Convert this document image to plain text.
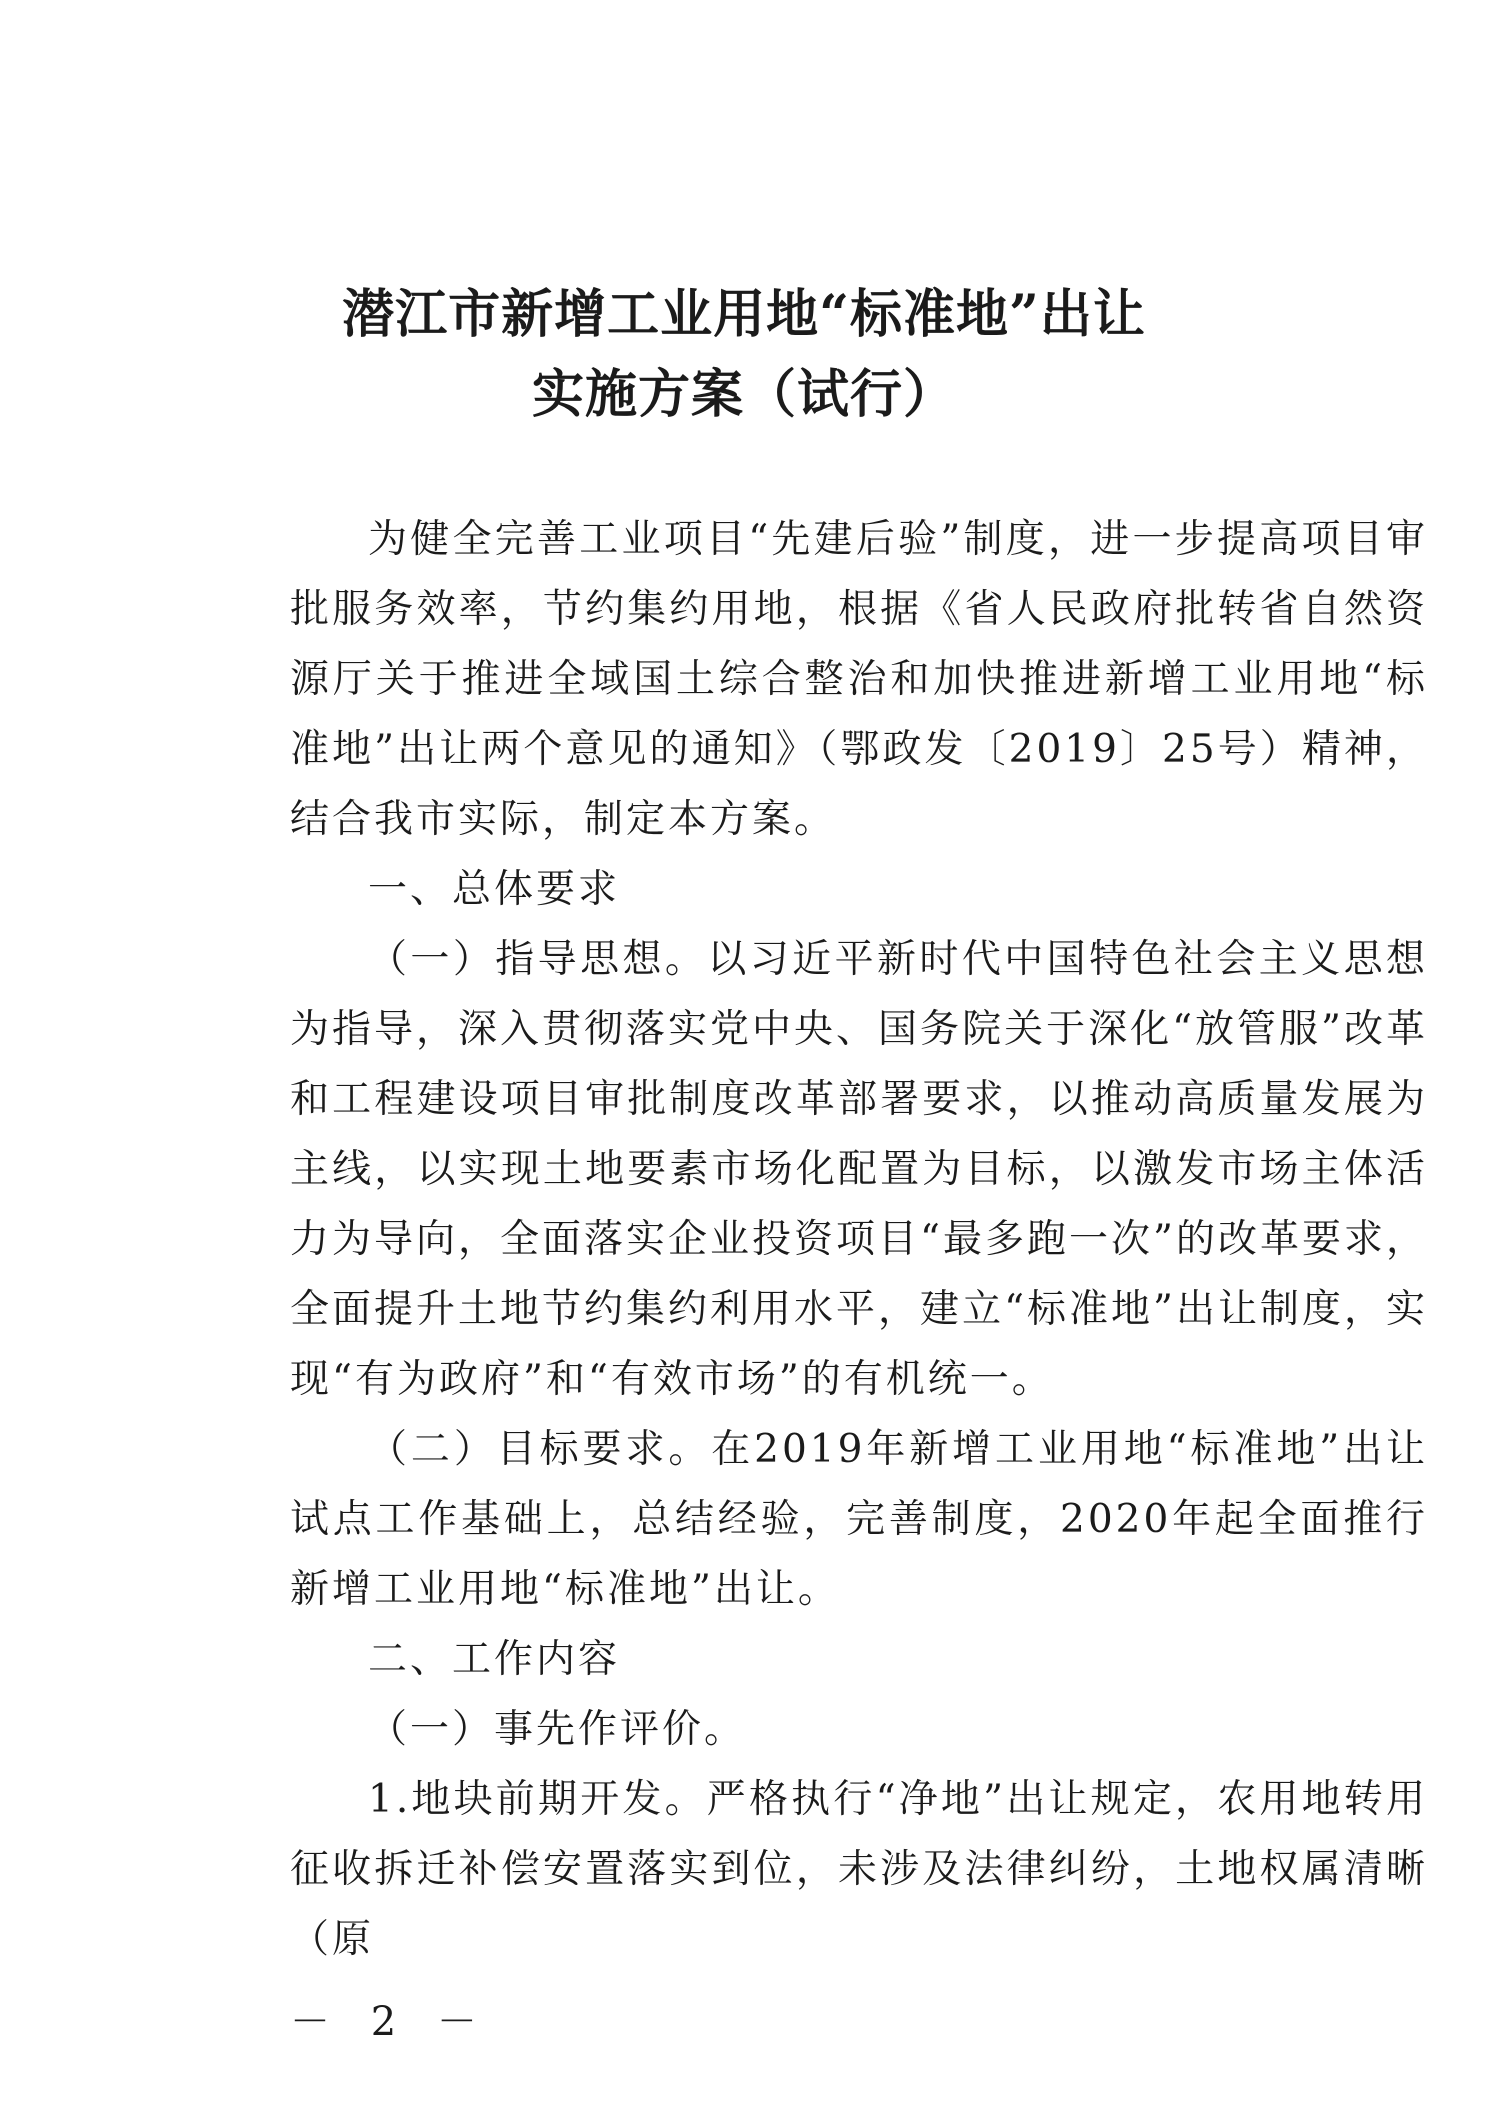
潜江市新增工业用地“标准地”出让
实施方案（试行）

为健全完善工业项目“先建后验”制度，进一步提高项目审批服务效率，节约集约用地，根据《省人民政府批转省自然资源厅关于推进全域国土综合整治和加快推进新增工业用地“标准地”出让两个意见的通知》（鄂政发〔2019〕25号）精神，结合我市实际，制定本方案。

一、总体要求

（一）指导思想。以习近平新时代中国特色社会主义思想为指导，深入贯彻落实党中央、国务院关于深化“放管服”改革和工程建设项目审批制度改革部署要求，以推动高质量发展为主线，以实现土地要素市场化配置为目标，以激发市场主体活力为导向，全面落实企业投资项目“最多跑一次”的改革要求，全面提升土地节约集约利用水平，建立“标准地”出让制度，实现“有为政府”和“有效市场”的有机统一。

（二）目标要求。在2019年新增工业用地“标准地”出让试点工作基础上，总结经验，完善制度，2020年起全面推行新增工业用地“标准地”出让。

二、工作内容

（一）事先作评价。

1.地块前期开发。严格执行“净地”出让规定，农用地转用征收拆迁补偿安置落实到位，未涉及法律纠纷，土地权属清晰（原

－ 2 －
